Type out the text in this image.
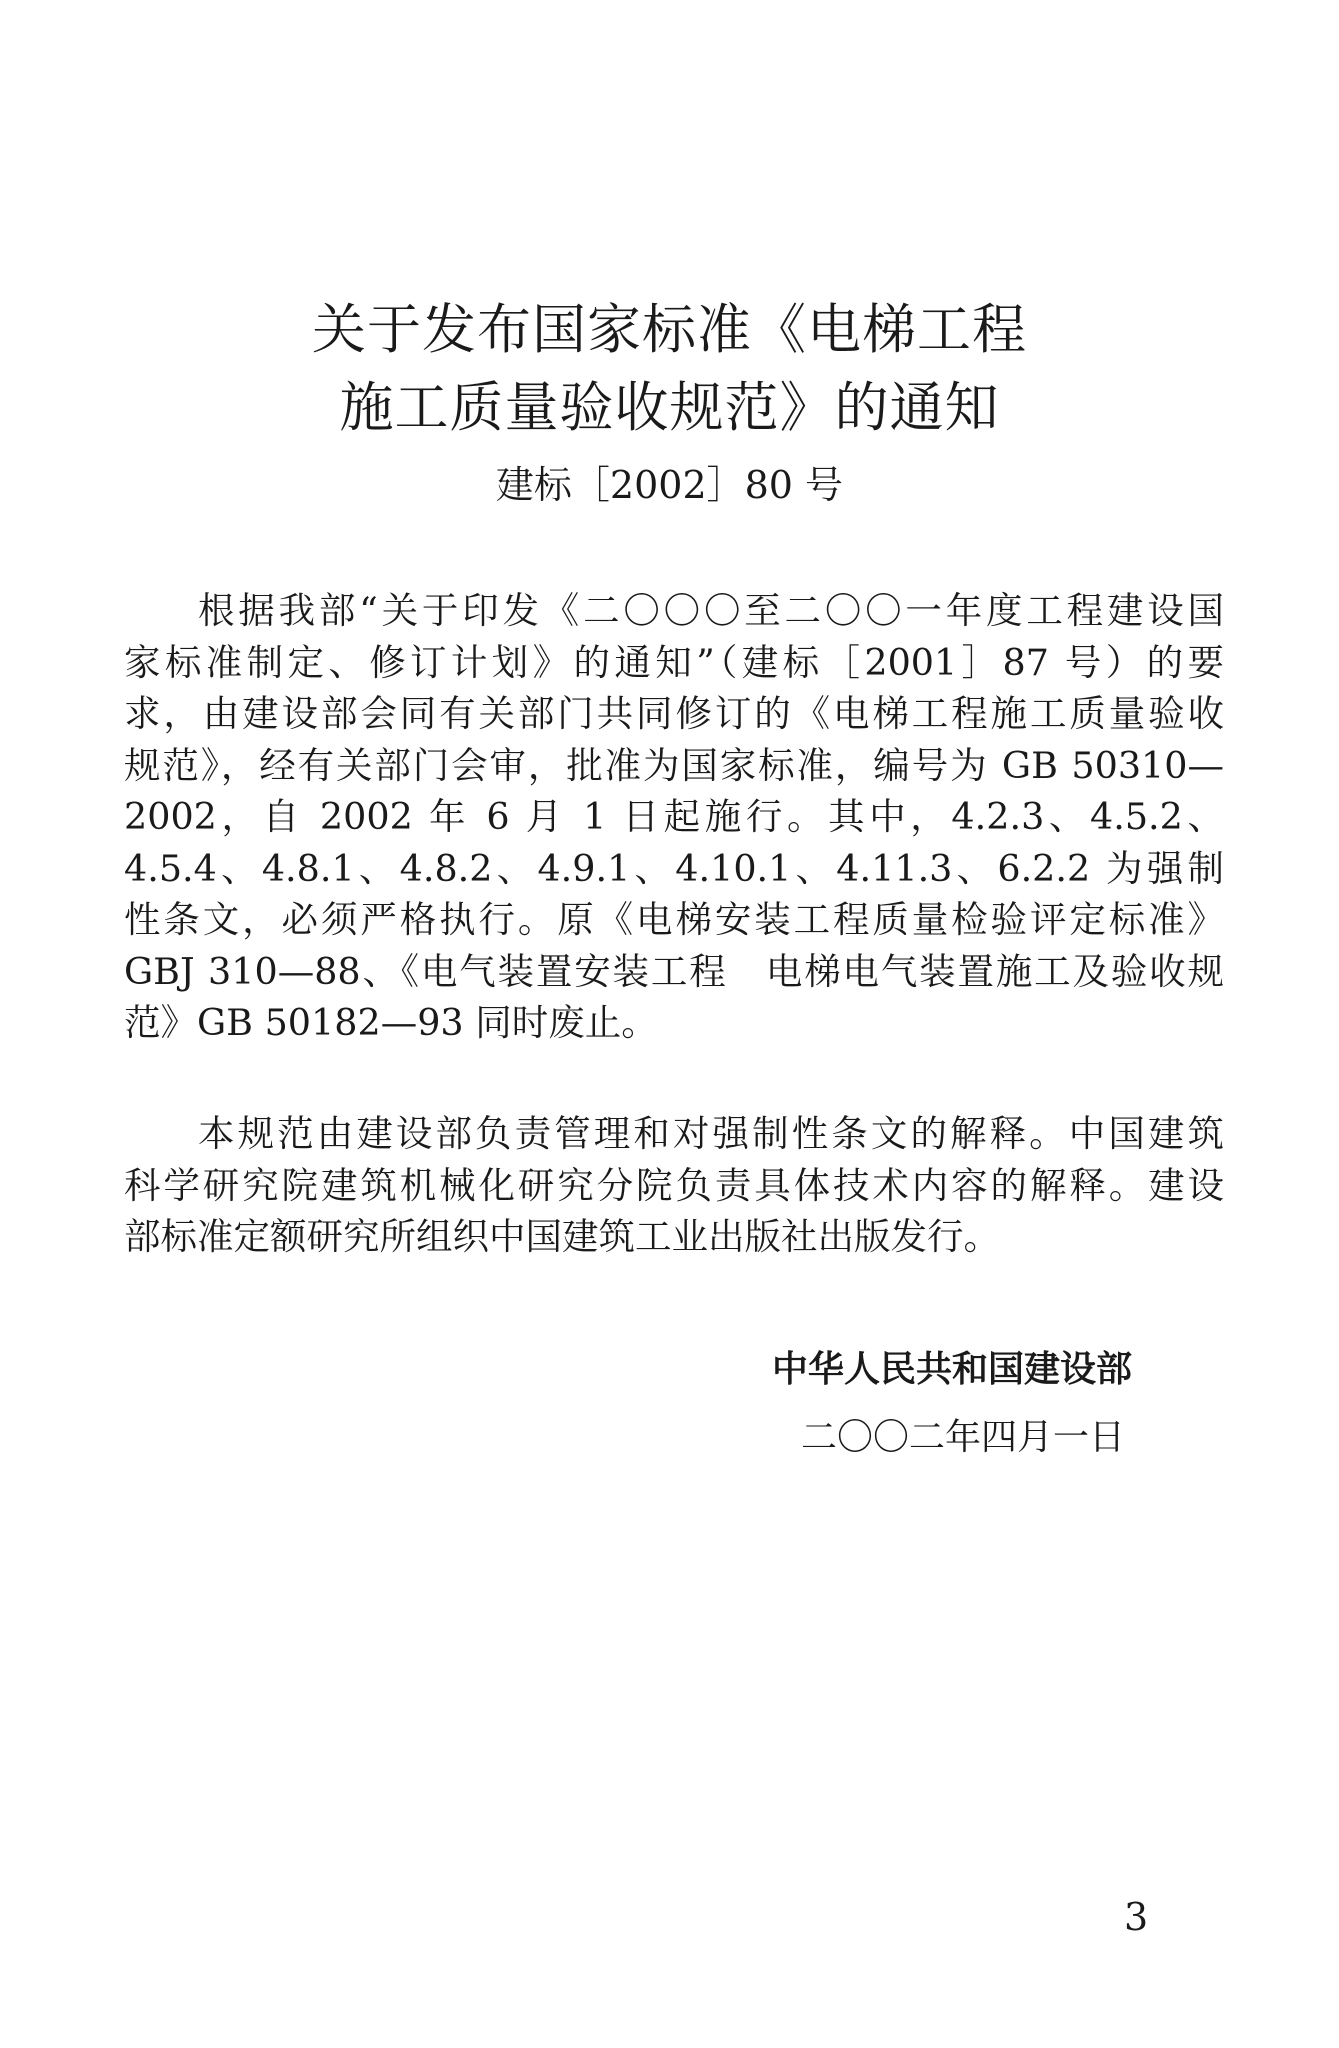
关于发布国家标准《电梯工程
施工质量验收规范》的通知
建标［2002］80 号
根据我部“关于印发《二〇〇〇至二〇〇一年度工程建设国
家标准制定、修订计划》的通知”（建标［2001］87 号）的要
求，由建设部会同有关部门共同修订的《电梯工程施工质量验收
规范》，经有关部门会审，批准为国家标准，编号为 GB 50310—
2002，自 2002 年 6 月 1 日起施行。其中，4.2.3、4.5.2、
4.5.4、4.8.1、4.8.2、4.9.1、4.10.1、4.11.3、6.2.2 为强制
性条文，必须严格执行。原《电梯安装工程质量检验评定标准》
GBJ 310—88、《电气装置安装工程　电梯电气装置施工及验收规
范》GB 50182—93 同时废止。
本规范由建设部负责管理和对强制性条文的解释。中国建筑
科学研究院建筑机械化研究分院负责具体技术内容的解释。建设
部标准定额研究所组织中国建筑工业出版社出版发行。
中华人民共和国建设部
二〇〇二年四月一日
3
